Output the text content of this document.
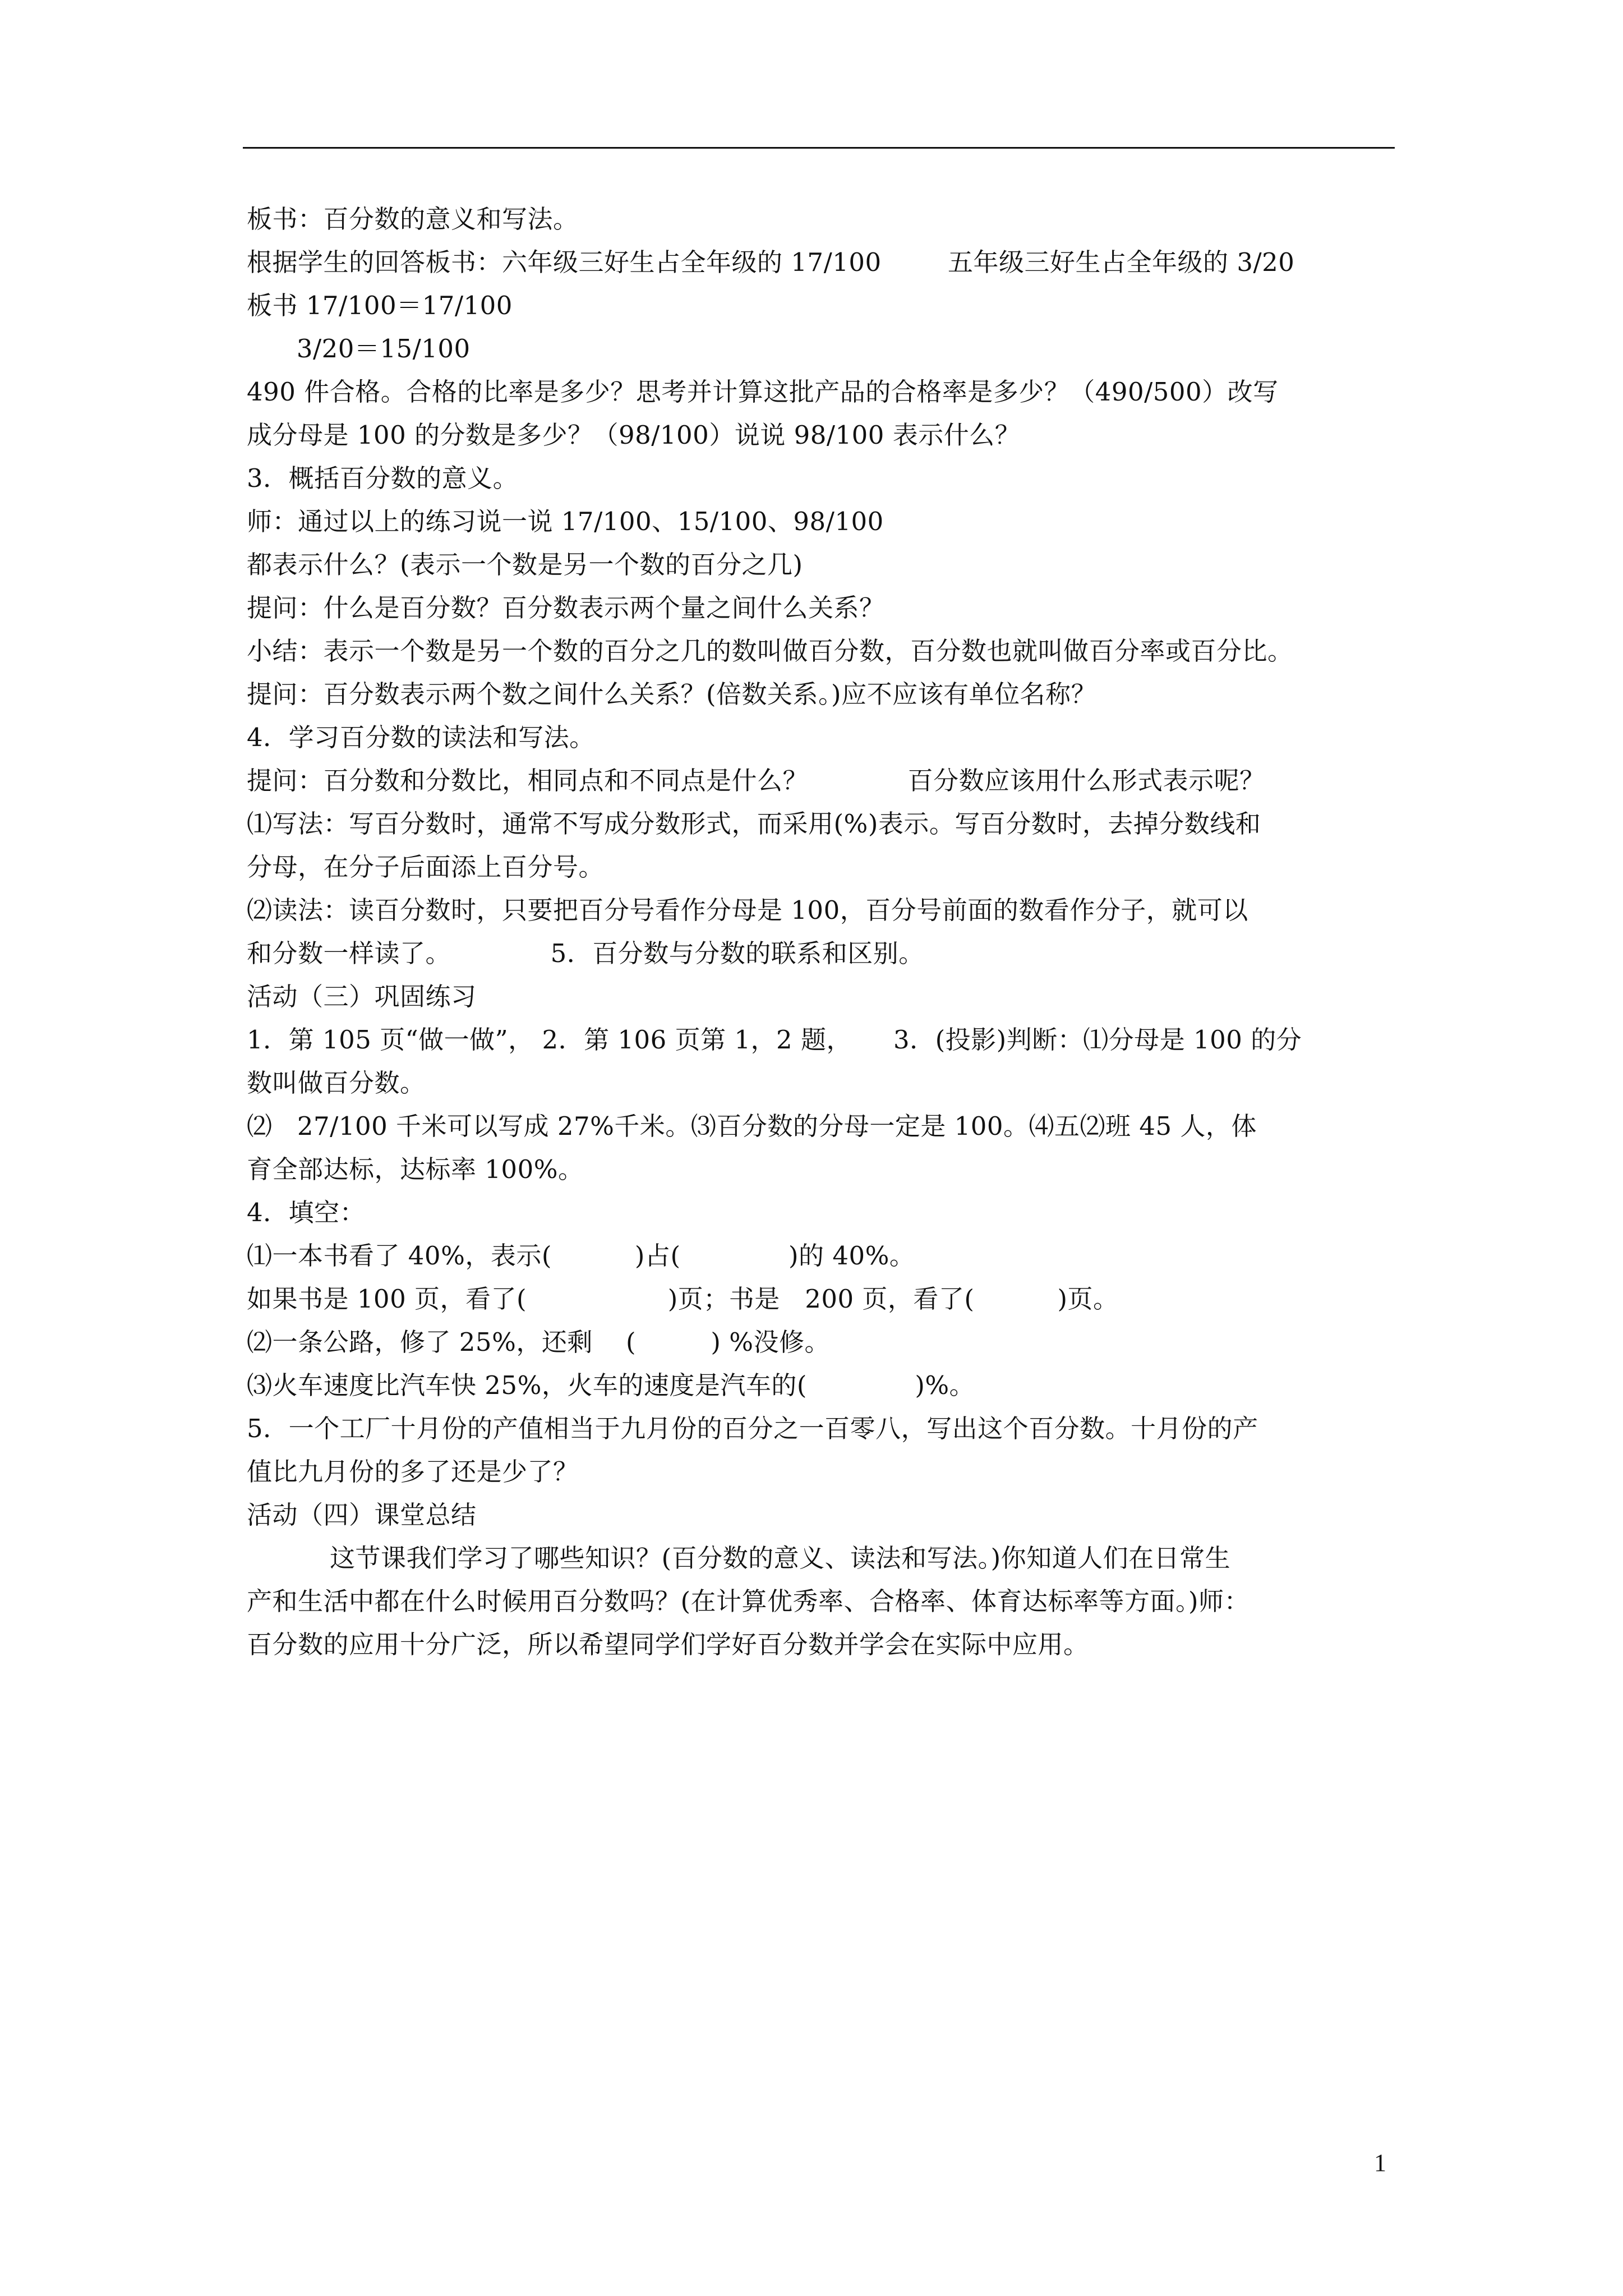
板书：百分数的意义和写法。
根据学生的回答板书：六年级三好生占全年级的 17/100        五年级三好生占全年级的 3/20
板书 17/100＝17/100
3/20＝15/100
490 件合格。合格的比率是多少？思考并计算这批产品的合格率是多少？（490/500）改写
成分母是 100 的分数是多少？（98/100）说说 98/100 表示什么？
3．概括百分数的意义。
师：通过以上的练习说一说 17/100、15/100、98/100
都表示什么？(表示一个数是另一个数的百分之几)
提问：什么是百分数？百分数表示两个量之间什么关系？
小结：表示一个数是另一个数的百分之几的数叫做百分数，百分数也就叫做百分率或百分比。
提问：百分数表示两个数之间什么关系？(倍数关系。)应不应该有单位名称？
4．学习百分数的读法和写法。
提问：百分数和分数比，相同点和不同点是什么？            百分数应该用什么形式表示呢？
⑴写法：写百分数时，通常不写成分数形式，而采用(%)表示。写百分数时，去掉分数线和
分母，在分子后面添上百分号。
⑵读法：读百分数时，只要把百分号看作分母是 100，百分号前面的数看作分子，就可以
和分数一样读了。            5．百分数与分数的联系和区别。
活动（三）巩固练习
1．第 105 页“做一做”， 2．第 106 页第 1，2 题，     3．(投影)判断：⑴分母是 100 的分
数叫做百分数。
⑵   27/100 千米可以写成 27%千米。⑶百分数的分母一定是 100。⑷五⑵班 45 人，体
育全部达标，达标率 100%。
4．填空：
⑴一本书看了 40%，表示(          )占(             )的 40%。
如果书是 100 页，看了(                 )页；书是   200 页，看了(          )页。
⑵一条公路，修了 25%，还剩    (         ) %没修。
⑶火车速度比汽车快 25%，火车的速度是汽车的(             )%。
5．一个工厂十月份的产值相当于九月份的百分之一百零八，写出这个百分数。十月份的产
值比九月份的多了还是少了？
活动（四）课堂总结
这节课我们学习了哪些知识？(百分数的意义、读法和写法。)你知道人们在日常生
产和生活中都在什么时候用百分数吗？(在计算优秀率、合格率、体育达标率等方面。)师：
百分数的应用十分广泛，所以希望同学们学好百分数并学会在实际中应用。
1
